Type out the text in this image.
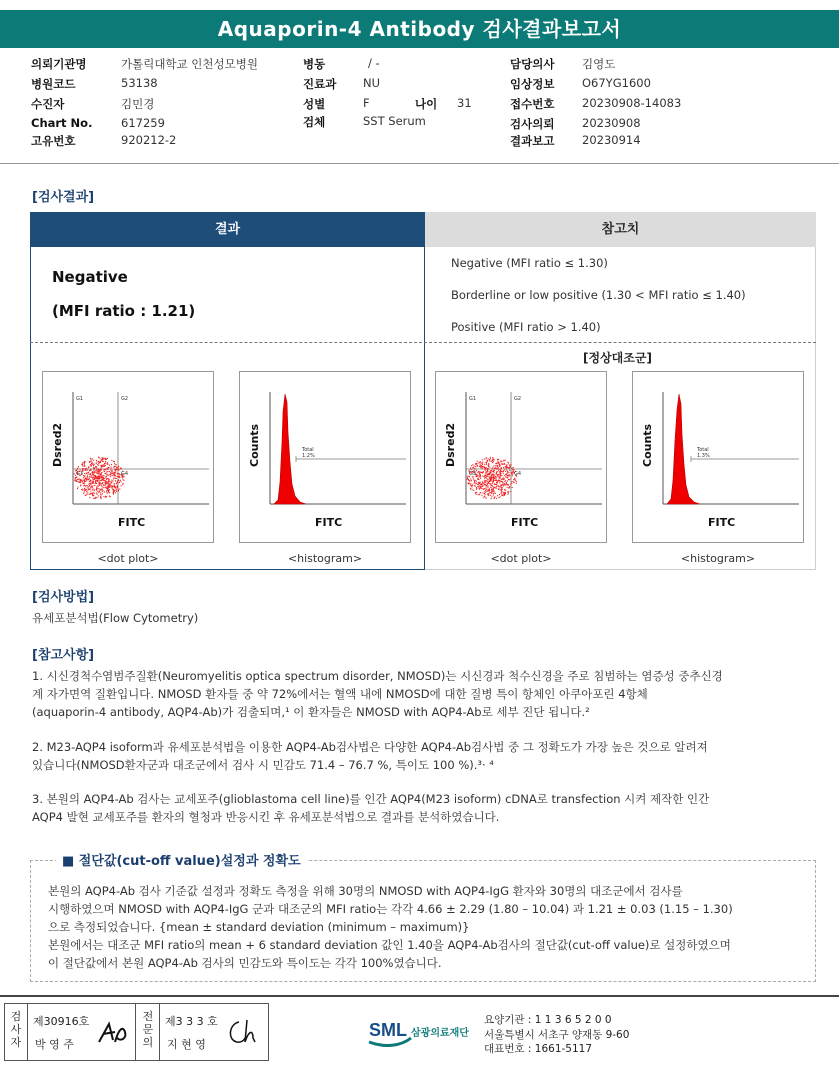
Aquaporin-4 Antibody 검사결과보고서
의뢰기관명	가톨릭대학교 인천성모병원
병원코드	53138
수진자	김민경
Chart No. 617259
고유번호	920212-2
병동	/ -
진료과 NU
성별	F	나이 31
검체	SST Serum
담당의사 김영도
임상정보 O67YG1600
접수번호 20230908-14083
검사의뢰 20230908
결과보고 20230914
[검사결과]
결과	참고치
Negative
(MFI ratio : 1.21)
Negative (MFI ratio ≤ 1.30)
Borderline or low positive (1.30 < MFI ratio ≤ 1.40)
Positive (MFI ratio > 1.40)
[정상대조군]
G1	G2
G3	G4
Dsred2
FITC
<dot plot>
Total
1.2%
Counts
FITC
<histogram>
G1	G2
G3	G4
Dsred2
FITC
<dot plot>
Total
1.3%
Counts
FITC
<histogram>
[검사방법]
유세포분석법(Flow Cytometry)
[참고사항]
1. 시신경척수염범주질환(Neuromyelitis optica spectrum disorder, NMOSD)는 시신경과 척수신경을 주로 침범하는 염증성 중추신경
계 자가면역 질환입니다. NMOSD 환자들 중 약 72%에서는 혈액 내에 NMOSD에 대한 질병 특이 항체인 아쿠아포린 4항체
(aquaporin-4 antibody, AQP4-Ab)가 검출되며,¹ 이 환자들은 NMOSD with AQP4-Ab로 세부 진단 됩니다.²
2. M23-AQP4 isoform과 유세포분석법을 이용한 AQP4-Ab검사법은 다양한 AQP4-Ab검사법 중 그 정확도가 가장 높은 것으로 알려져
있습니다(NMOSD환자군과 대조군에서 검사 시 민감도 71.4 – 76.7 %, 특이도 100 %).³· ⁴
3. 본원의 AQP4-Ab 검사는 교세포주(glioblastoma cell line)를 인간 AQP4(M23 isoform) cDNA로 transfection 시켜 제작한 인간
AQP4 발현 교세포주를 환자의 혈청과 반응시킨 후 유세포분석법으로 결과를 분석하였습니다.
■ 절단값(cut-off value)설정과 정확도
본원의 AQP4-Ab 검사 기준값 설정과 정확도 측정을 위해 30명의 NMOSD with AQP4-IgG 환자와 30명의 대조군에서 검사를
시행하였으며 NMOSD with AQP4-IgG 군과 대조군의 MFI ratio는 각각 4.66 ± 2.29 (1.80 – 10.04) 과 1.21 ± 0.03 (1.15 – 1.30)
으로 측정되었습니다. {mean ± standard deviation (minimum – maximum)}
본원에서는 대조군 MFI ratio의 mean + 6 standard deviation 값인 1.40을 AQP4-Ab검사의 절단값(cut-off value)로 설정하였으며
이 절단값에서 본원 AQP4-Ab 검사의 민감도와 특이도는 각각 100%였습니다.
검사자
제30916호
박 영 주
전문의
제3 3 3 호
지 현 영
SML 삼광의료재단
요양기관 : 1 1 3 6 5 2 0 0
서울특별시 서초구 양재동 9-60
대표번호 : 1661-5117
